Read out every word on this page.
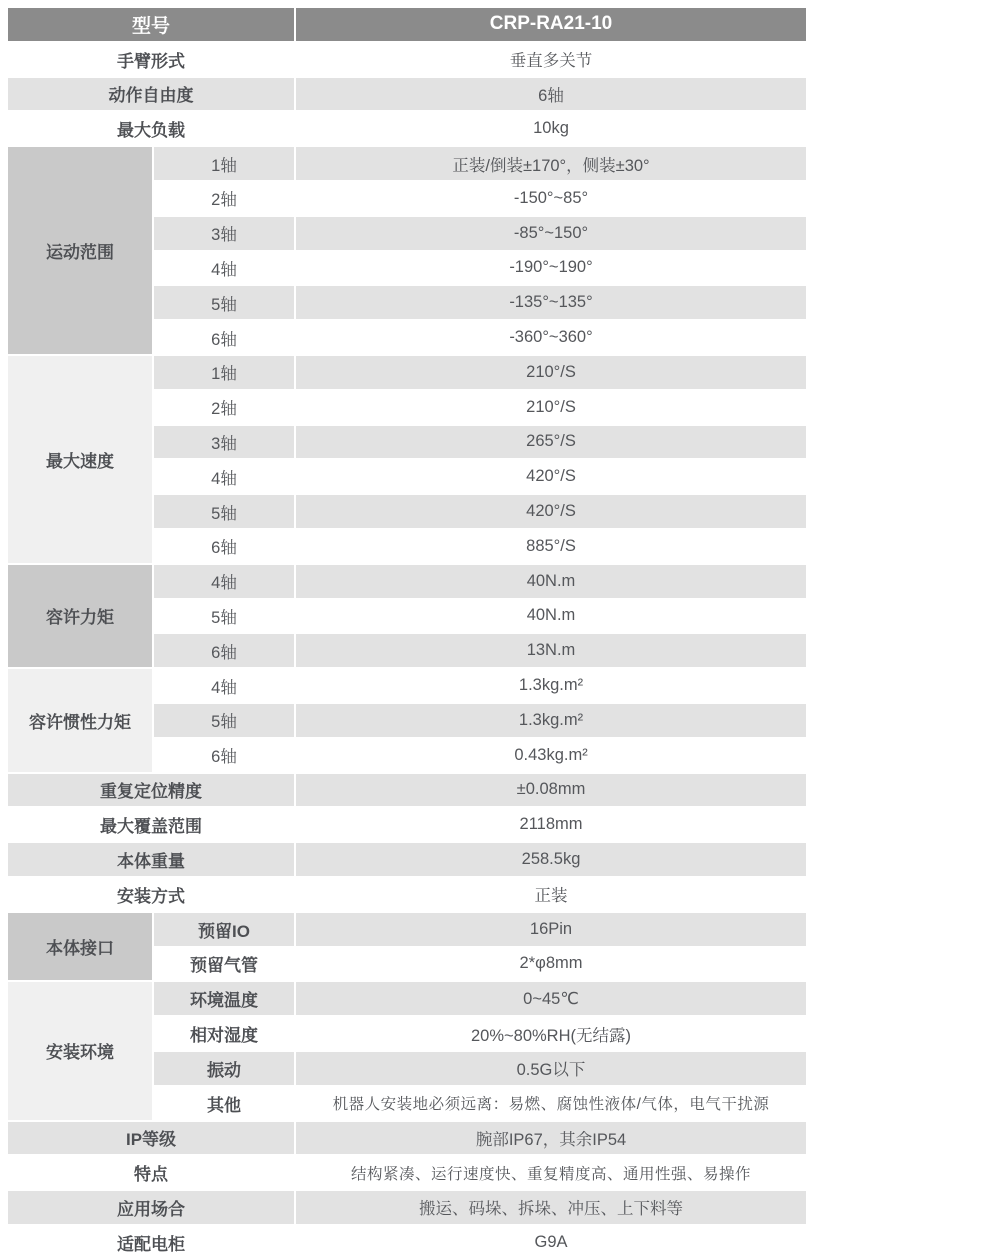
型号		CRP-RA21-10
手臂形式		垂直多关节
动作自由度		6轴
最大负载		10kg
运动范围	1轴	正装/倒装±170°，侧装±30°
	2轴	-150°~85°
	3轴	-85°~150°
	4轴	-190°~190°
	5轴	-135°~135°
	6轴	-360°~360°
最大速度	1轴	210°/S
	2轴	210°/S
	3轴	265°/S
	4轴	420°/S
	5轴	420°/S
	6轴	885°/S
容许力矩	4轴	40N.m
	5轴	40N.m
	6轴	13N.m
容许惯性力矩	4轴	1.3kg.m²
	5轴	1.3kg.m²
	6轴	0.43kg.m²
重复定位精度		±0.08mm
最大覆盖范围		2118mm
本体重量		258.5kg
安装方式		正装
本体接口	预留IO	16Pin
	预留气管	2*φ8mm
安装环境	环境温度	0~45℃
	相对湿度	20%~80%RH(无结露)
	振动	0.5G以下
	其他	机器人安装地必须远离：易燃、腐蚀性液体/气体，电气干扰源
IP等级		腕部IP67，其余IP54
特点		结构紧凑、运行速度快、重复精度高、通用性强、易操作
应用场合		搬运、码垛、拆垛、冲压、上下料等
适配电柜		G9A
